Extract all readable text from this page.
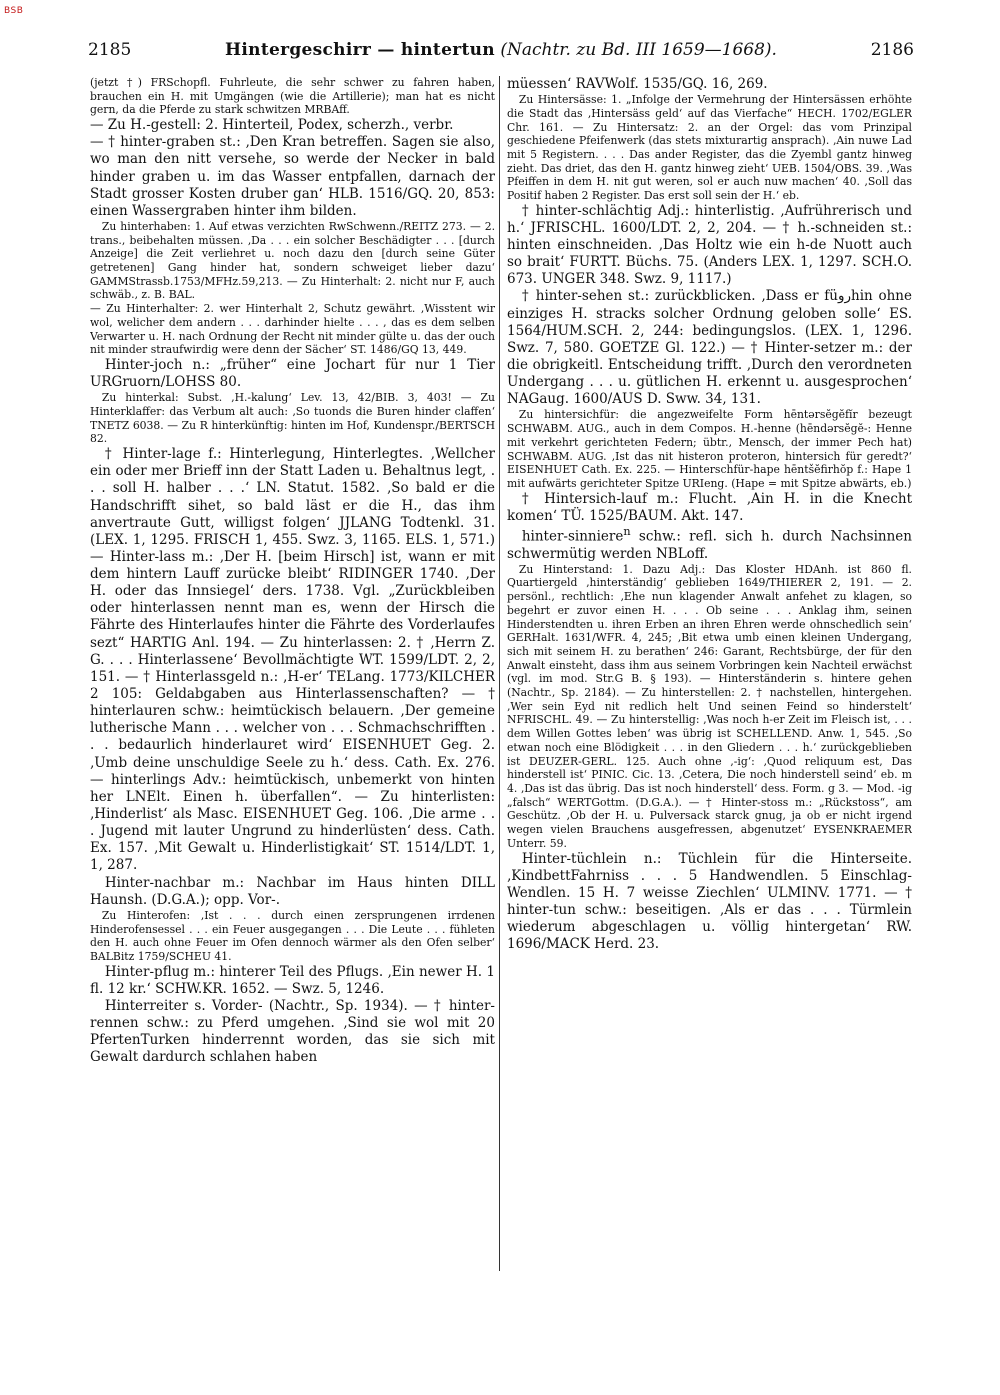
BSB
2185	Hintergeschirr — hintertun (Nachtr. zu Bd. III 1659—1668).	2186

(jetzt †) FRSchopfl. Fuhrleute, die sehr schwer zu fahren haben, brauchen ein H. mit Umgängen (wie die Artillerie); man hat es nicht gern, da die Pferde zu stark schwitzen MRBAff.

— Zu H.-gestell: 2. Hinterteil, Podex, scherzh., verbr.

— † hinter-graben st.: ‚Den Kran betreffen. Sagen sie also, wo man den nitt versehe, so werde der Necker in bald hinder graben u. im das Wasser entpfallen, darnach der Stadt grosser Kosten druber gan‘ HLB. 1516/GQ. 20, 853: einen Wassergraben hinter ihm bilden.

Zu hinterhaben: 1. Auf etwas verzichten RwSchwenn./REITZ 273. — 2. trans., beibehalten müssen. ‚Da . . . ein solcher Beschädigter . . . [durch Anzeige] die Zeit verliehret u. noch dazu den [durch seine Güter getretenen] Gang hinder hat, sondern schweiget lieber dazu‘ GAMMStrassb.1753/MFHz.59,213. — Zu Hinterhalt: 2. nicht nur F, auch schwäb., z. B. BAL.

— Zu Hinterhalter: 2. wer Hinterhalt 2, Schutz gewährt. ‚Wisstent wir wol, welicher dem andern . . . darhinder hielte . . . , das es dem selben Verwarter u. H. nach Ordnung der Recht nit minder gülte u. das der ouch nit minder straufwirdig were denn der Sächer‘ ST. 1486/GQ 13, 449.

Hinter-joch n.: „früher“ eine Jochart für nur 1 Tier URGruorn/LOHSS 80.

Zu hinterkal: Subst. ‚H.-kalung‘ Lev. 13, 42/BIB. 3, 403! — Zu Hinterklaffer: das Verbum alt auch: ‚So tuonds die Buren hinder claffen‘ TNETZ 6038. — Zu R hinterkünftig: hinten im Hof, Kundenspr./BERTSCH 82.

† Hinter-lage f.: Hinterlegung, Hinterlegtes. ‚Wellcher ein oder mer Brieff inn der Statt Laden u. Behaltnus legt, . . . soll H. halber . . .‘ LN. Statut. 1582. ‚So bald er die Handschrifft sihet, so bald läst er die H., das ihm anvertraute Gutt, willigst folgen‘ JJLANG Todtenkl. 31. (LEX. 1, 1295. FRISCH 1, 455. Swz. 3, 1165. ELS. 1, 571.) — Hinter-lass m.: ‚Der H. [beim Hirsch] ist, wann er mit dem hintern Lauff zurücke bleibt‘ RIDINGER 1740. ‚Der H. oder das Innsiegel‘ ders. 1738. Vgl. „Zurückbleiben oder hinterlassen nennt man es, wenn der Hirsch die Fährte des Hinterlaufes hinter die Fährte des Vorderlaufes sezt“ HARTIG Anl. 194. — Zu hinterlassen: 2. † ‚Herrn Z. G. . . . Hinterlassene‘ Bevollmächtigte WT. 1599/LDT. 2, 2, 151. — † Hinterlassgeld n.: ‚H-er‘ TELang. 1773/KILCHER 2 105: Geldabgaben aus Hinterlassenschaften? — † hinterlauren schw.: heimtückisch belauern. ‚Der gemeine lutherische Mann . . . welcher von . . . Schmachschrifften . . . bedaurlich hinderlauret wird‘ EISENHUET Geg. 2. ‚Umb deine unschuldige Seele zu h.‘ dess. Cath. Ex. 276. — hinterlings Adv.: heimtückisch, unbemerkt von hinten her LNElt. Einen h. überfallen“. — Zu hinterlisten: ‚Hinderlist‘ als Masc. EISENHUET Geg. 106. ‚Die arme . . . Jugend mit lauter Ungrund zu hinderlüsten‘ dess. Cath. Ex. 157. ‚Mit Gewalt u. Hinderlistigkait‘ ST. 1514/LDT. 1, 1, 287.

Hinter-nachbar m.: Nachbar im Haus hinten DILL Haunsh. (D.G.A.); opp. Vor-.

Zu Hinterofen: ‚Ist . . . durch einen zersprungenen irrdenen Hinderofensessel . . . ein Feuer ausgegangen . . . Die Leute . . . fühleten den H. auch ohne Feuer im Ofen dennoch wärmer als den Ofen selber‘ BALBitz 1759/SCHEU 41.

Hinter-pflug m.: hinterer Teil des Pflugs. ‚Ein newer H. 1 fl. 12 kr.‘ SCHW.KR. 1652. — Swz. 5, 1246.

Hinterreiter s. Vorder- (Nachtr., Sp. 1934). — † hinter-rennen schw.: zu Pferd umgehen. ‚Sind sie wol mit 20 PfertenTurken hinderrennt worden, das sie sich mit Gewalt dardurch schlahen haben

müessen‘ RAVWolf. 1535/GQ. 16, 269.

Zu Hintersässe: 1. „Infolge der Vermehrung der Hintersässen erhöhte die Stadt das ‚Hintersäss geld‘ auf das Vierfache“ HECH. 1702/EGLER Chr. 161. — Zu Hintersatz: 2. an der Orgel: das vom Prinzipal geschiedene Pfeifenwerk (das stets mixturartig ansprach). ‚Ain nuwe Lad mit 5 Registern. . . . Das ander Register, das die Zyembl gantz hinweg zieht. Das driet, das den H. gantz hinweg zieht‘ UEB. 1504/OBS. 39. ‚Was Pfeiffen in dem H. nit gut weren, sol er auch nuw machen‘ 40. ‚Soll das Positif haben 2 Register. Das erst soll sein der H.‘ eb.

† hinter-schlächtig Adj.: hinterlistig. ‚Aufrührerisch und h.‘ JFRISCHL. 1600/LDT. 2, 2, 204. — † h.-schneiden st.: hinten einschneiden. ‚Das Holtz wie ein h-de Nuott auch so brait‘ FURTT. Büchs. 75. (Anders LEX. 1, 1297. SCH.O. 673. UNGER 348. Swz. 9, 1117.)

† hinter-sehen st.: zurückblicken. ‚Dass er füروhin ohne einziges H. stracks solcher Ordnung geloben solle‘ ES. 1564/HUM.SCH. 2, 244: bedingungslos. (LEX. 1, 1296. Swz. 7, 580. GOETZE Gl. 122.) — † Hinter-setzer m.: der die obrigkeitl. Entscheidung trifft. ‚Durch den verordneten Undergang . . . u. gütlichen H. erkennt u. ausgesprochen‘ NAGaug. 1600/AUS D. Sww. 34, 131.

Zu hintersichfür: die angezweifelte Form hēntərsĕgĕfĭr bezeugt SCHWABM. AUG., auch in dem Compos. H.-henne (hēndərsĕgĕ-: Henne mit verkehrt gerichteten Federn; übtr., Mensch, der immer Pech hat) SCHWABM. AUG. ‚Ist das nit histeron proteron, hintersich für geredt?‘ EISENHUET Cath. Ex. 225. — Hinterschfür-hape hēntšĕfirhŏp f.: Hape 1 mit aufwärts gerichteter Spitze URIeng. (Hape = mit Spitze abwärts, eb.)

† Hintersich-lauf m.: Flucht. ‚Ain H. in die Knecht komen‘ TÜ. 1525/BAUM. Akt. 147.

hinter-sinniere$^n$ schw.: refl. sich h. durch Nachsinnen schwermütig werden NBLoff.

Zu Hinterstand: 1. Dazu Adj.: Das Kloster HDAnh. ist 860 fl. Quartiergeld ‚hinterständig‘ geblieben 1649/THIERER 2, 191. — 2. persönl., rechtlich: ‚Ehe nun klagender Anwalt anfehet zu klagen, so begehrt er zuvor einen H. . . . Ob seine . . . Anklag ihm, seinen Hinderstendten u. ihren Erben an ihren Ehren werde ohnschedlich sein‘ GERHalt. 1631/WFR. 4, 245; ‚Bit etwa umb einen kleinen Undergang, sich mit seinem H. zu berathen‘ 246: Garant, Rechtsbürge, der für den Anwalt einsteht, dass ihm aus seinem Vorbringen kein Nachteil erwächst (vgl. im mod. Str.G B. § 193). — Hinterständerin s. hintere gehen (Nachtr., Sp. 2184). — Zu hinterstellen: 2. † nachstellen, hintergehen. ‚Wer sein Eyd nit redlich helt Und seinen Feind so hinderstelt‘ NFRISCHL. 49. — Zu hinterstellig: ‚Was noch h-er Zeit im Fleisch ist, . . . dem Willen Gottes leben‘ was übrig ist SCHELLEND. Anw. 1, 545. ‚So etwan noch eine Blödigkeit . . . in den Gliedern . . . h.‘ zurückgeblieben ist DEUZER-GERL. 125. Auch ohne ‚-ig‘: ‚Quod reliquum est, Das hinderstell ist‘ PINIC. Cic. 13. ‚Cetera, Die noch hinderstell seind‘ eb. m 4. ‚Das ist das übrig. Das ist noch hinderstell‘ dess. Form. g 3. — Mod. -ig „falsch“ WERTGottm. (D.G.A.). — † Hinter-stoss m.: „Rückstoss“, am Geschütz. ‚Ob der H. u. Pulversack starck gnug, ja ob er nicht irgend wegen vielen Brauchens ausgefressen, abgenutzet‘ EYSENKRAEMER Unterr. 59.

Hinter-tüchlein n.: Tüchlein für die Hinterseite. ‚KindbettFahrniss . . . 5 Handwendlen. 5 Einschlag-Wendlen. 15 H. 7 weisse Ziechlen‘ ULMINV. 1771. — † hinter-tun schw.: beseitigen. ‚Als er das . . . Türmlein wiederum abgeschlagen u. völlig hintergetan‘ RW. 1696/MACK Herd. 23.
